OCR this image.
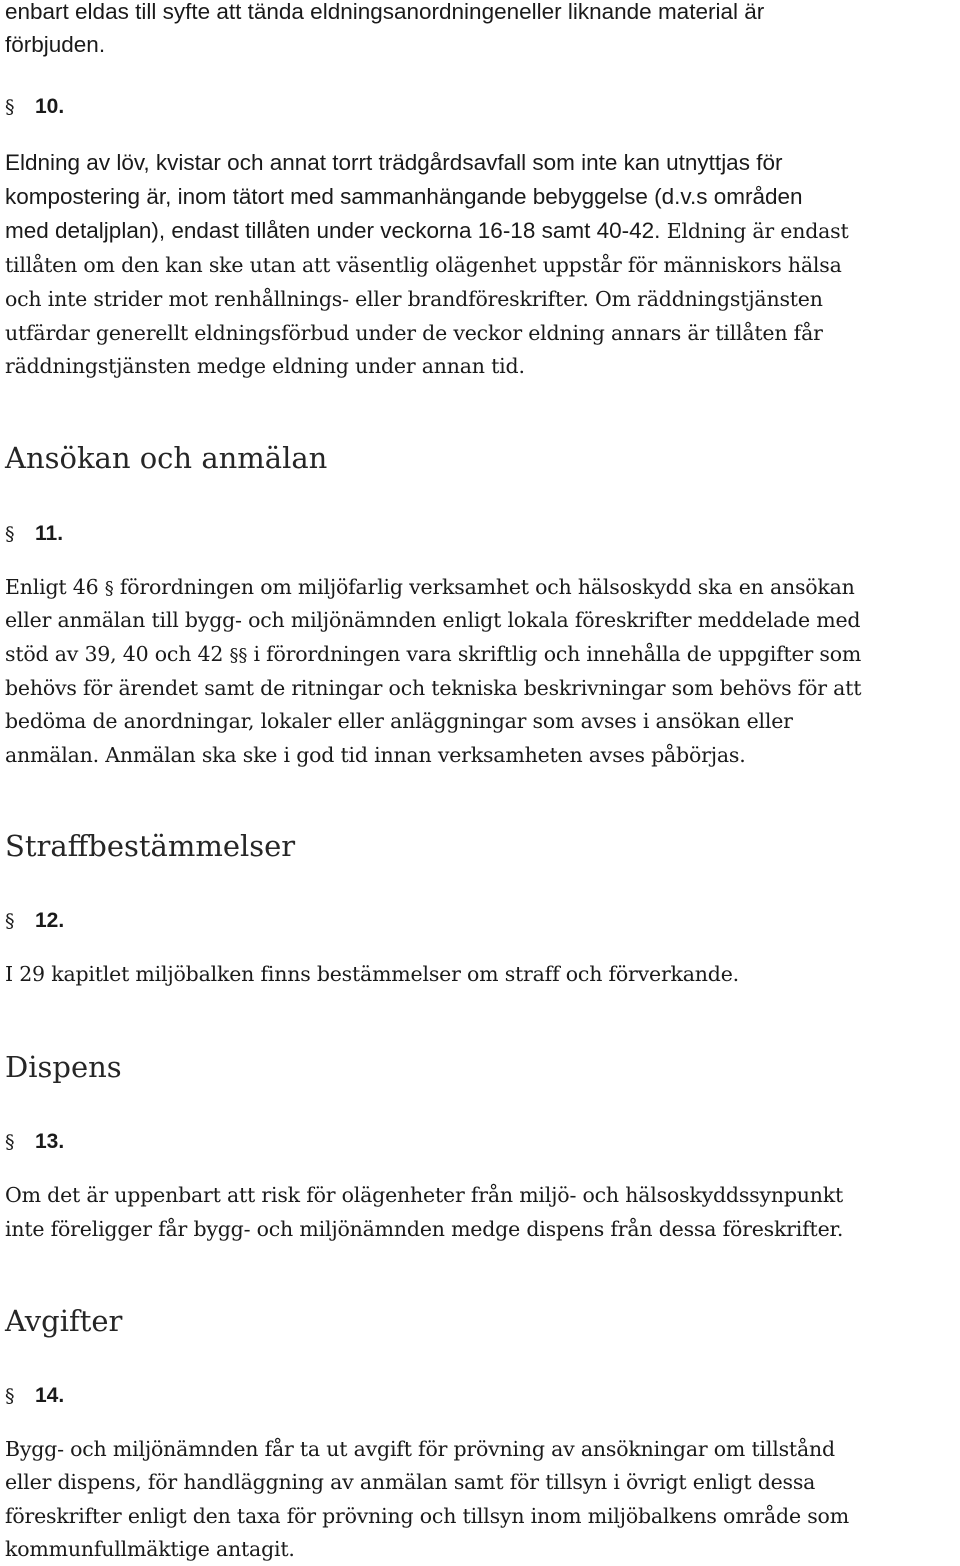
enbart eldas till syfte att tända eldningsanordningeneller liknande material är
förbjuden.
§ 10.
Eldning av löv, kvistar och annat torrt trädgårdsavfall som inte kan utnyttjas för
kompostering är, inom tätort med sammanhängande bebyggelse (d.v.s områden
med detaljplan), endast tillåten under veckorna 16-18 samt 40-42. Eldning är endast
tillåten om den kan ske utan att väsentlig olägenhet uppstår för människors hälsa
och inte strider mot renhållnings- eller brandföreskrifter. Om räddningstjänsten
utfärdar generellt eldningsförbud under de veckor eldning annars är tillåten får
räddningstjänsten medge eldning under annan tid.
Ansökan och anmälan
§ 11.
Enligt 46 § förordningen om miljöfarlig verksamhet och hälsoskydd ska en ansökan
eller anmälan till bygg- och miljönämnden enligt lokala föreskrifter meddelade med
stöd av 39, 40 och 42 §§ i förordningen vara skriftlig och innehålla de uppgifter som
behövs för ärendet samt de ritningar och tekniska beskrivningar som behövs för att
bedöma de anordningar, lokaler eller anläggningar som avses i ansökan eller
anmälan. Anmälan ska ske i god tid innan verksamheten avses påbörjas.
Straffbestämmelser
§ 12.
I 29 kapitlet miljöbalken finns bestämmelser om straff och förverkande.
Dispens
§ 13.
Om det är uppenbart att risk för olägenheter från miljö- och hälsoskyddssynpunkt
inte föreligger får bygg- och miljönämnden medge dispens från dessa föreskrifter.
Avgifter
§ 14.
Bygg- och miljönämnden får ta ut avgift för prövning av ansökningar om tillstånd
eller dispens, för handläggning av anmälan samt för tillsyn i övrigt enligt dessa
föreskrifter enligt den taxa för prövning och tillsyn inom miljöbalkens område som
kommunfullmäktige antagit.
